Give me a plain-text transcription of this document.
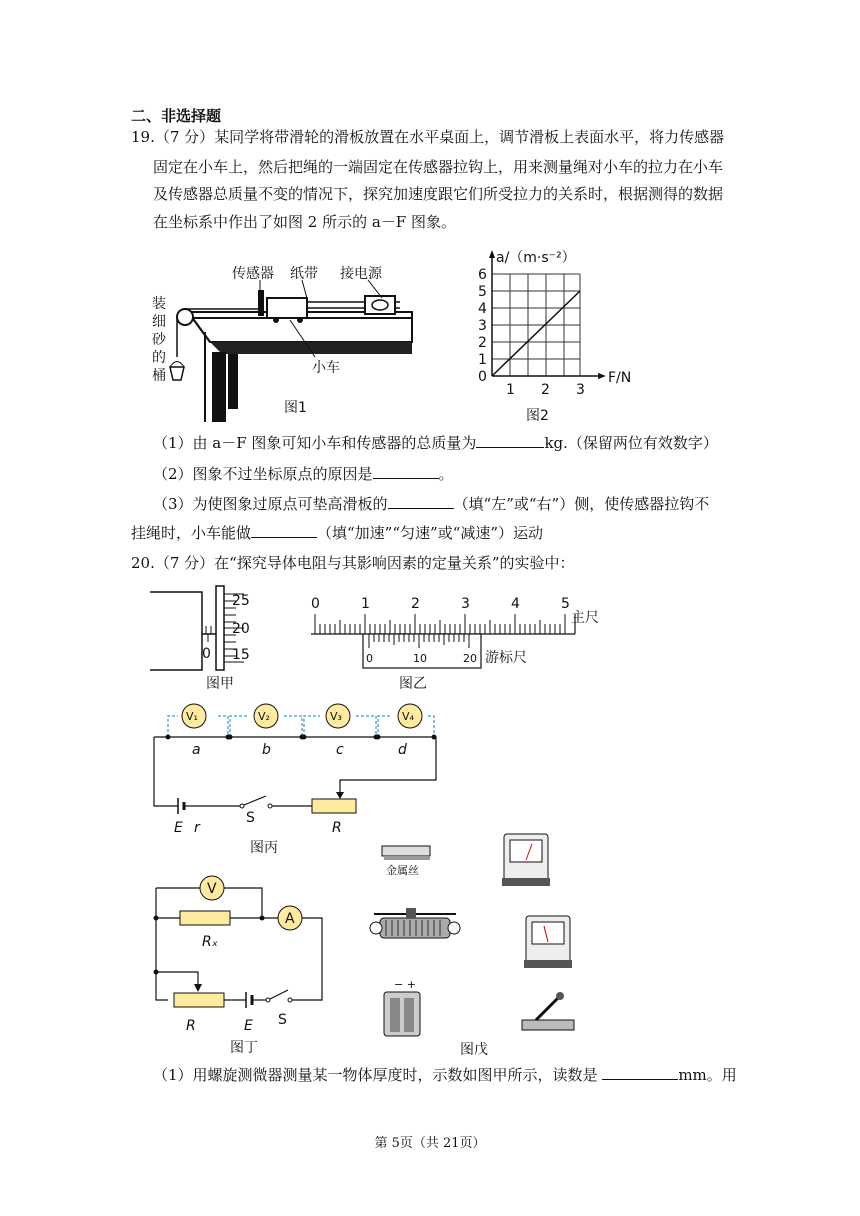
二、非选择题
19.（7 分）某同学将带滑轮的滑板放置在水平桌面上，调节滑板上表面水平，将力传感器
固定在小车上，然后把绳的一端固定在传感器拉钩上，用来测量绳对小车的拉力在小车
及传感器总质量不变的情况下，探究加速度跟它们所受拉力的关系时，根据测得的数据
在坐标系中作出了如图 2 所示的 a－F 图象。
传感器 纸带 接电源
小车
装
细
砂
的
桶
图1
a/（m·s⁻²）
F/N
6
5
4
3
2
1
0
1 2 3
图2
（1）由 a－F 图象可知小车和传感器的总质量为	kg.（保留两位有效数字）
（2）图象不过坐标原点的原因是	。
（3）为使图象过原点可垫高滑板的	（填“左”或“右”）侧，使传感器拉钩不
挂绳时，小车能做	（填“加速”“匀速”或“减速”）运动
20.（7 分）在“探究导体电阻与其影响因素的定量关系”的实验中：
25
20
15
0
图甲
0	1	2	3	4	5
主尺
0	10	20 游标尺
图乙
V₁	V₂	V₃	V₄
a	b	c	d
E r
S
R
图丙
V
A
Rₓ
R	E S
图丁
金属丝
− +
图戊
（1）用螺旋测微器测量某一物体厚度时，示数如图甲所示，读数是	mm。用
第 5页（共 21页）
